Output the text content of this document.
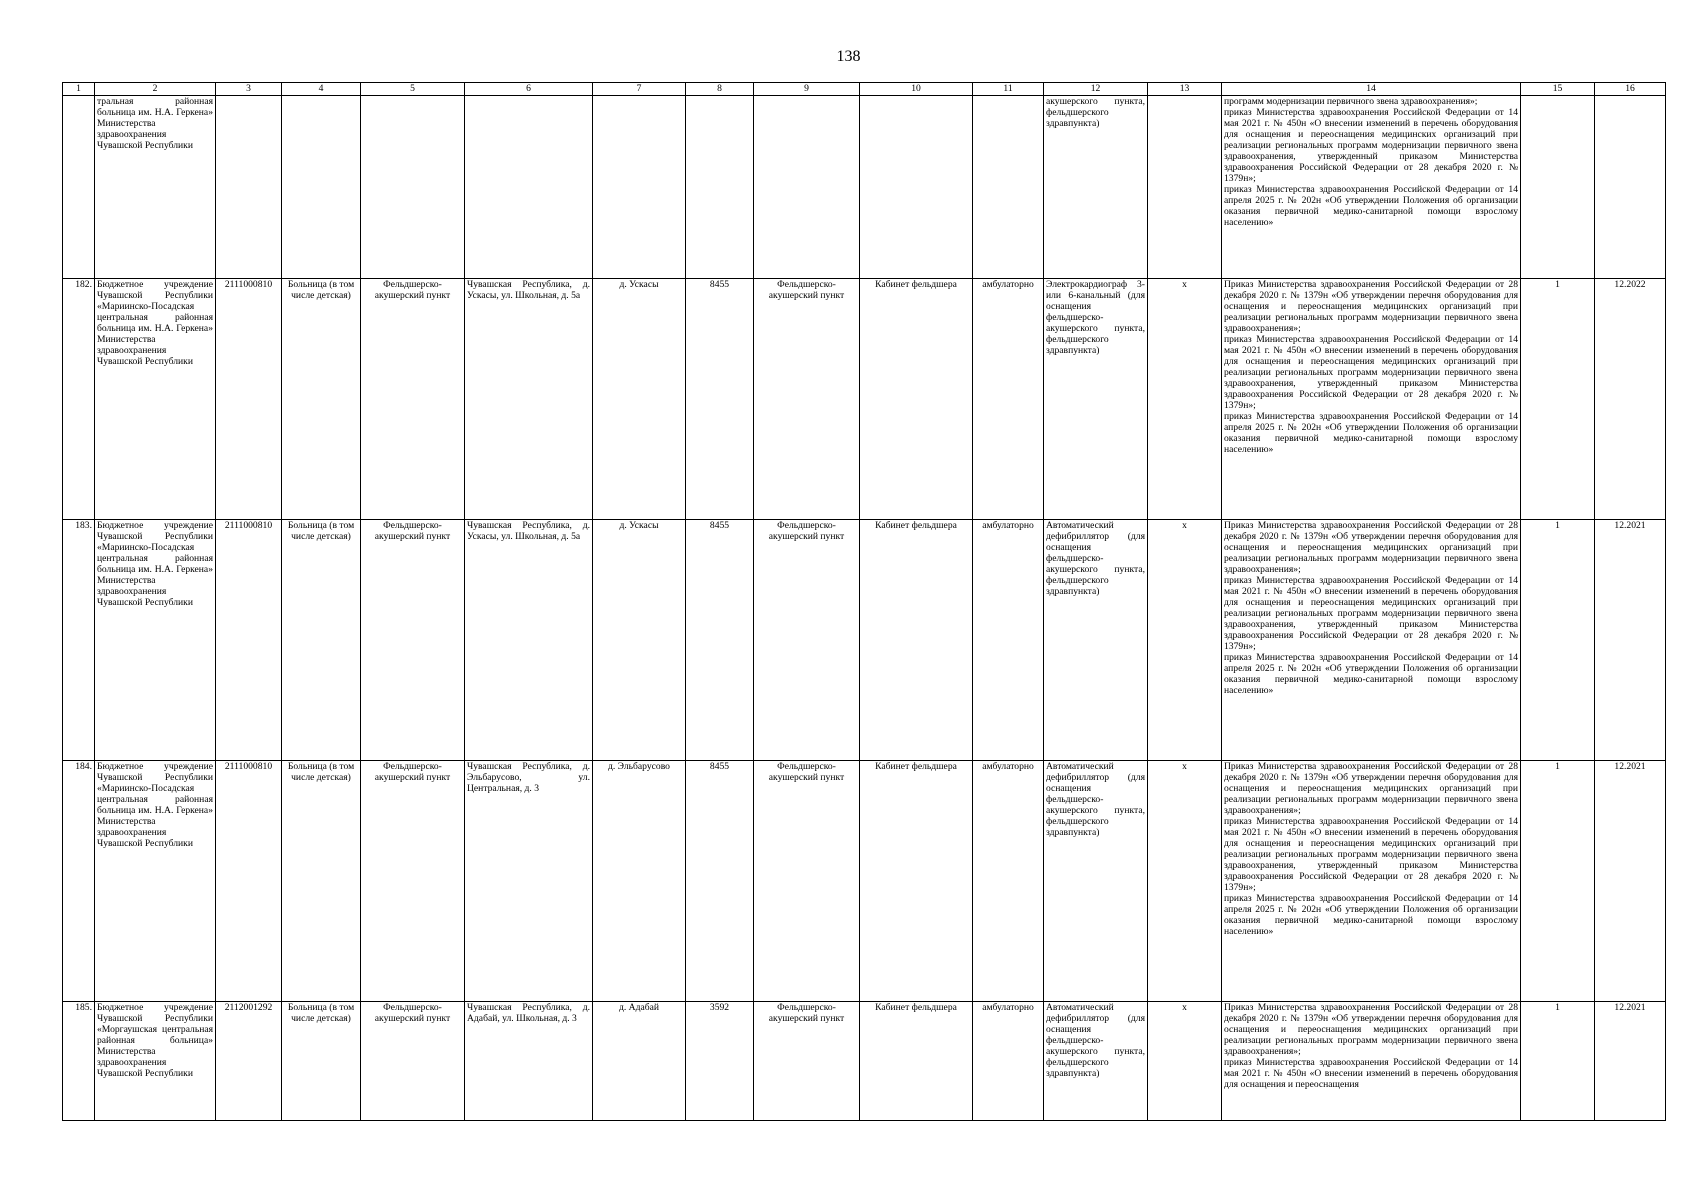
138
1	2	3	4	5	6	7	8	9	10	11	12	13	14	15	16
	тральная районная больница им. Н.А. Геркена» Министерства здравоохранения Чувашской Республики										акушерского пункта, фельдшерского здравпункта)		программ модернизации первичного звена здравоохранения»;
приказ Министерства здравоохранения Российской Федерации от 14 мая 2021 г. № 450н «О внесении изменений в перечень оборудования для оснащения и переоснащения медицинских организаций при реализации региональных программ модернизации первичного звена здравоохранения, утвержденный приказом Министерства здравоохранения Российской Федерации от 28 декабря 2020 г. № 1379н»;
приказ Министерства здравоохранения Российской Федерации от 14 апреля 2025 г. № 202н «Об утверждении Положения об организации оказания первичной медико-санитарной помощи взрослому населению»		
182.	Бюджетное учреждение Чувашской Республики «Мариинско-Посадская центральная районная больница им. Н.А. Геркена» Министерства здравоохранения Чувашской Республики	2111000810	Больница (в том числе детская)	Фельдшерско-акушерский пункт	Чувашская Республика, д. Ускасы, ул. Школьная, д. 5а	д. Ускасы	8455	Фельдшерско-акушерский пункт	Кабинет фельдшера	амбулаторно	Электрокардиограф 3- или 6-канальный (для оснащения фельдшерско-акушерского пункта, фельдшерского здравпункта)	х	Приказ Министерства здравоохранения Российской Федерации от 28 декабря 2020 г. № 1379н «Об утверждении перечня оборудования для оснащения и переоснащения медицинских организаций при реализации региональных программ модернизации первичного звена здравоохранения»;
приказ Министерства здравоохранения Российской Федерации от 14 мая 2021 г. № 450н «О внесении изменений в перечень оборудования для оснащения и переоснащения медицинских организаций при реализации региональных программ модернизации первичного звена здравоохранения, утвержденный приказом Министерства здравоохранения Российской Федерации от 28 декабря 2020 г. № 1379н»;
приказ Министерства здравоохранения Российской Федерации от 14 апреля 2025 г. № 202н «Об утверждении Положения об организации оказания первичной медико-санитарной помощи взрослому населению»	1	12.2022
183.	Бюджетное учреждение Чувашской Республики «Мариинско-Посадская центральная районная больница им. Н.А. Геркена» Министерства здравоохранения Чувашской Республики	2111000810	Больница (в том числе детская)	Фельдшерско-акушерский пункт	Чувашская Республика, д. Ускасы, ул. Школьная, д. 5а	д. Ускасы	8455	Фельдшерско-акушерский пункт	Кабинет фельдшера	амбулаторно	Автоматический дефибриллятор (для оснащения фельдшерско-акушерского пункта, фельдшерского здравпункта)	х	Приказ Министерства здравоохранения Российской Федерации от 28 декабря 2020 г. № 1379н «Об утверждении перечня оборудования для оснащения и переоснащения медицинских организаций при реализации региональных программ модернизации первичного звена здравоохранения»;
приказ Министерства здравоохранения Российской Федерации от 14 мая 2021 г. № 450н «О внесении изменений в перечень оборудования для оснащения и переоснащения медицинских организаций при реализации региональных программ модернизации первичного звена здравоохранения, утвержденный приказом Министерства здравоохранения Российской Федерации от 28 декабря 2020 г. № 1379н»;
приказ Министерства здравоохранения Российской Федерации от 14 апреля 2025 г. № 202н «Об утверждении Положения об организации оказания первичной медико-санитарной помощи взрослому населению»	1	12.2021
184.	Бюджетное учреждение Чувашской Республики «Мариинско-Посадская центральная районная больница им. Н.А. Геркена» Министерства здравоохранения Чувашской Республики	2111000810	Больница (в том числе детская)	Фельдшерско-акушерский пункт	Чувашская Республика, д. Эльбарусово, ул. Центральная, д. 3	д. Эльбарусово	8455	Фельдшерско-акушерский пункт	Кабинет фельдшера	амбулаторно	Автоматический дефибриллятор (для оснащения фельдшерско-акушерского пункта, фельдшерского здравпункта)	х	Приказ Министерства здравоохранения Российской Федерации от 28 декабря 2020 г. № 1379н «Об утверждении перечня оборудования для оснащения и переоснащения медицинских организаций при реализации региональных программ модернизации первичного звена здравоохранения»;
приказ Министерства здравоохранения Российской Федерации от 14 мая 2021 г. № 450н «О внесении изменений в перечень оборудования для оснащения и переоснащения медицинских организаций при реализации региональных программ модернизации первичного звена здравоохранения, утвержденный приказом Министерства здравоохранения Российской Федерации от 28 декабря 2020 г. № 1379н»;
приказ Министерства здравоохранения Российской Федерации от 14 апреля 2025 г. № 202н «Об утверждении Положения об организации оказания первичной медико-санитарной помощи взрослому населению»	1	12.2021
185.	Бюджетное учреждение Чувашской Республики «Моргаушская центральная районная больница» Министерства здравоохранения Чувашской Республики	2112001292	Больница (в том числе детская)	Фельдшерско-акушерский пункт	Чувашская Республика, д. Адабай, ул. Школьная, д. 3	д. Адабай	3592	Фельдшерско-акушерский пункт	Кабинет фельдшера	амбулаторно	Автоматический дефибриллятор (для оснащения фельдшерско-акушерского пункта, фельдшерского здравпункта)	х	Приказ Министерства здравоохранения Российской Федерации от 28 декабря 2020 г. № 1379н «Об утверждении перечня оборудования для оснащения и переоснащения медицинских организаций при реализации региональных программ модернизации первичного звена здравоохранения»;
приказ Министерства здравоохранения Российской Федерации от 14 мая 2021 г. № 450н «О внесении изменений в перечень оборудования для оснащения и переоснащения	1	12.2021
